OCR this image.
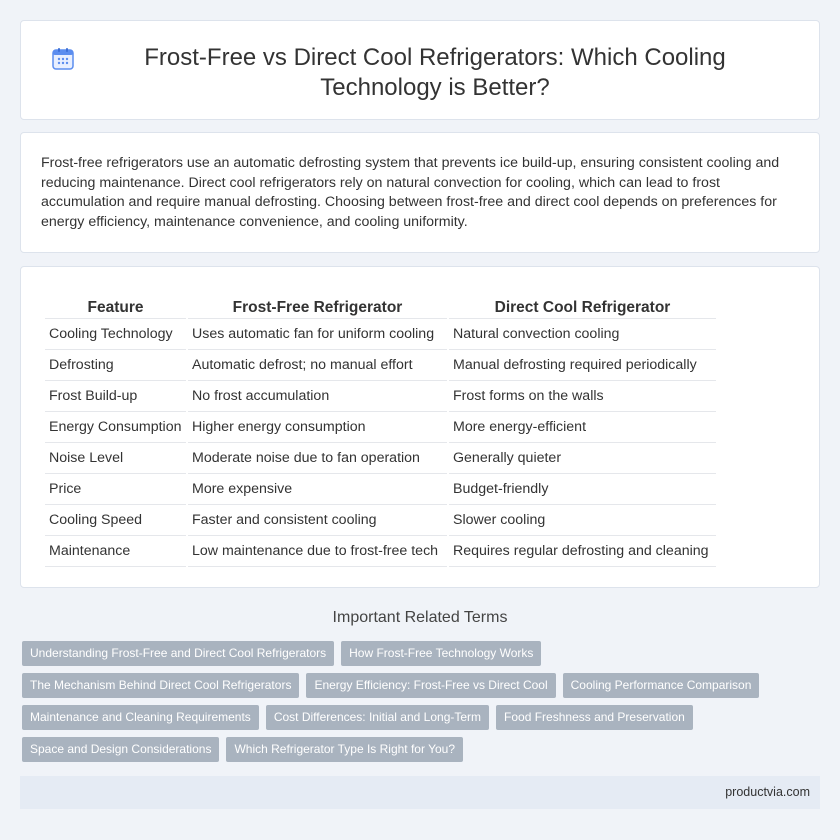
Frost-Free vs Direct Cool Refrigerators: Which Cooling Technology is Better?

Frost-free refrigerators use an automatic defrosting system that prevents ice build-up, ensuring consistent cooling and reducing maintenance. Direct cool refrigerators rely on natural convection for cooling, which can lead to frost accumulation and require manual defrosting. Choosing between frost-free and direct cool depends on preferences for energy efficiency, maintenance convenience, and cooling uniformity.

Feature	Frost-Free Refrigerator	Direct Cool Refrigerator
Cooling Technology	Uses automatic fan for uniform cooling	Natural convection cooling
Defrosting	Automatic defrost; no manual effort	Manual defrosting required periodically
Frost Build-up	No frost accumulation	Frost forms on the walls
Energy Consumption	Higher energy consumption	More energy-efficient
Noise Level	Moderate noise due to fan operation	Generally quieter
Price	More expensive	Budget-friendly
Cooling Speed	Faster and consistent cooling	Slower cooling
Maintenance	Low maintenance due to frost-free tech	Requires regular defrosting and cleaning
Important Related Terms
Understanding Frost-Free and Direct Cool Refrigerators	How Frost-Free Technology Works
The Mechanism Behind Direct Cool Refrigerators	Energy Efficiency: Frost-Free vs Direct Cool	Cooling Performance Comparison
Maintenance and Cleaning Requirements	Cost Differences: Initial and Long-Term	Food Freshness and Preservation
Space and Design Considerations	Which Refrigerator Type Is Right for You?
productvia.com
